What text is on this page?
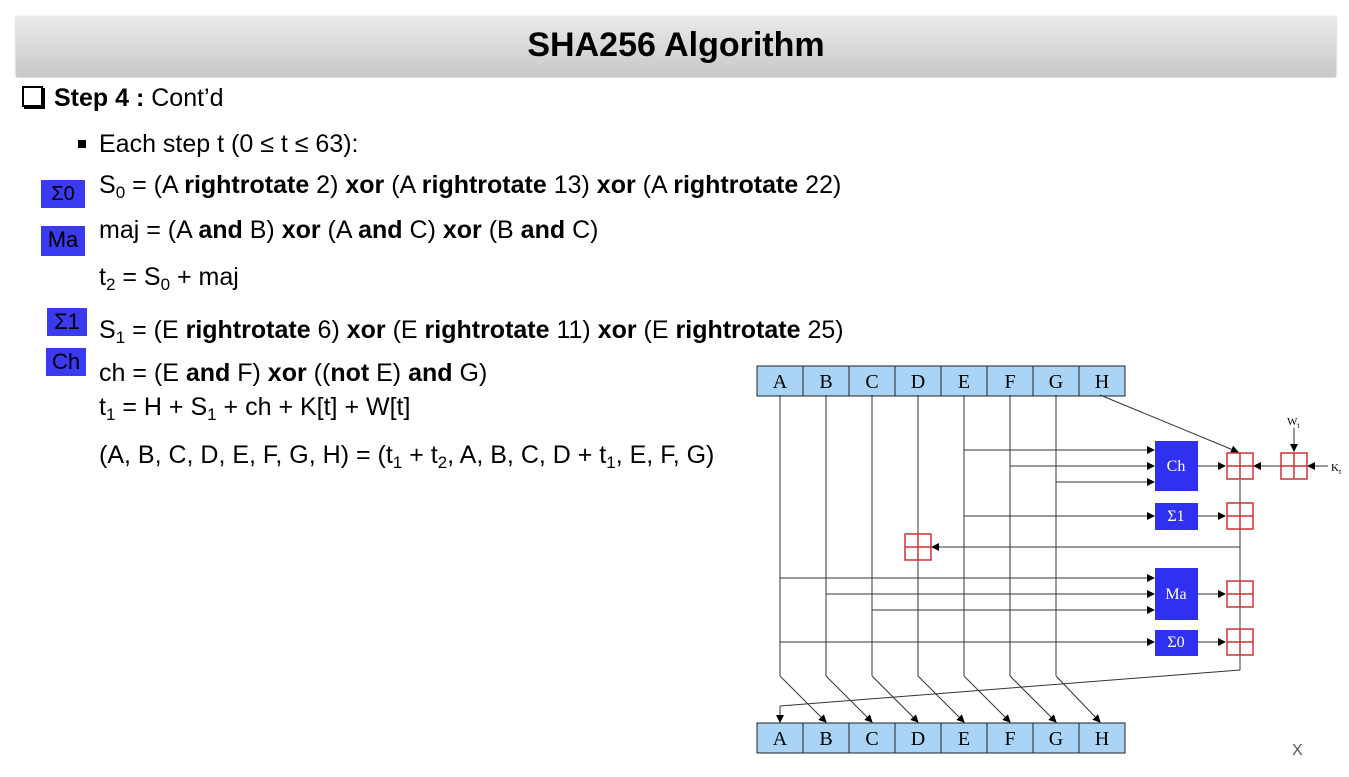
SHA256 Algorithm
Step 4 : Cont’d
Each step t (0 ≤ t ≤ 63):
Σ0 $S_0 = (A$ rightrotate 2) xor (A rightrotate 13) xor (A rightrotate 22)
Ma maj = (A and B) xor (A and C) xor (B and C)
$t_2 = S_0$ + maj
Σ1 $S_1 = (E$ rightrotate 6) xor (E rightrotate 11) xor (E rightrotate 25)
Ch ch = (E and F) xor ((not E) and G)
$t_1 = H + S_1$ + ch + K[t] + W[t]
(A, B, C, D, E, F, G, $H) = (t_1 + t_2$, A, B, C, $D + t_1$, E, F, G)
A B C D E F G H
A B C D E F G H
Ch
Σ1
Ma
Σ0
$W_t$
$K_t$
X
